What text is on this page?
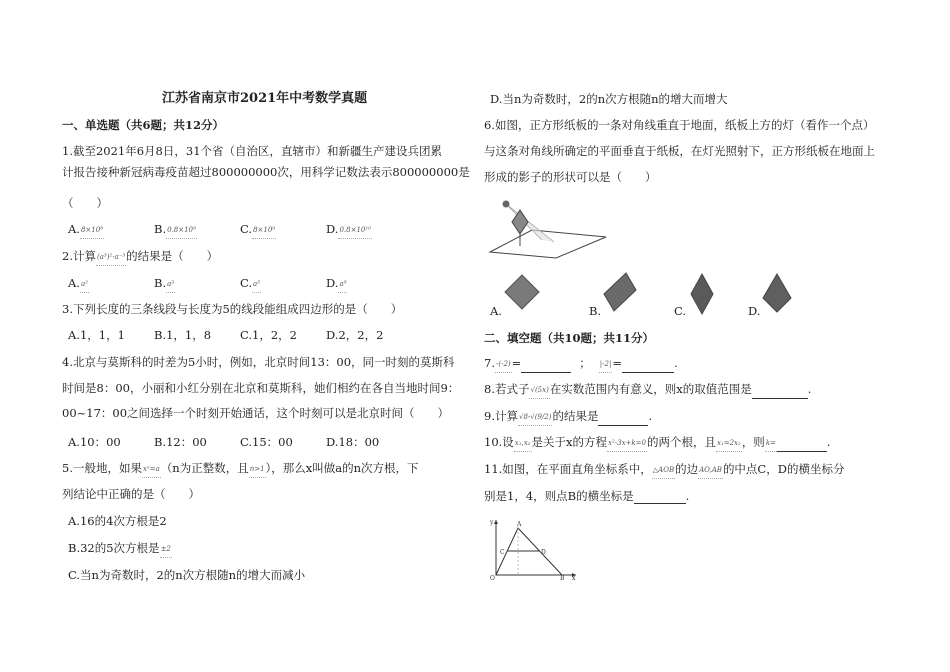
江苏省南京市2021年中考数学真题
一、单选题（共6题；共12分）
1.截至2021年6月8日，31个省（自治区，直辖市）和新疆生产建设兵团累
计报告接种新冠病毒疫苗超过800000000次，用科学记数法表示800000000是
（　　）
A.8×10⁸	B.0.8×10⁹	C.8×10⁹	D.0.8×10¹⁰
2.计算(a³)²·a⁻³的结果是（　　）
A.a²	B.a³	C.a⁵	D.a⁹
3.下列长度的三条线段与长度为5的线段能组成四边形的是（　　）
A.1，1，1	B.1，1，8	C.1，2，2	D.2，2，2
4.北京与莫斯科的时差为5小时，例如，北京时间13：00，同一时刻的莫斯科
时间是8：00，小丽和小红分别在北京和莫斯科，她们相约在各自当地时间9：
00~17：00之间选择一个时刻开始通话，这个时刻可以是北京时间（　　）
A.10：00	B.12：00	C.15：00	D.18：00
5.一般地，如果xⁿ=a（n为正整数，且n>1），那么x叫做a的n次方根，下
列结论中正确的是（　　）
A.16的4次方根是2
B.32的5次方根是±2
C.当n为奇数时，2的n次方根随n的增大而减小
D.当n为奇数时，2的n次方根随n的增大而增大
6.如图，正方形纸板的一条对角线重直于地面，纸板上方的灯（看作一个点）
与这条对角线所确定的平面垂直于纸板，在灯光照射下，正方形纸板在地面上
形成的影子的形状可以是（　　）
A.	B.	C.	D.
二、填空题（共10题；共11分）
7.-(-2)=	； |-2|=	.
8.若式子√(5x)在实数范围内有意义，则x的取值范围是	.
9.计算√8-√(9/2)的结果是	.
10.设x₁,x₂是关于x的方程x²-3x+k=0的两个根，且x₁=2x₂，则k=	.
11.如图，在平面直角坐标系中，△AOB的边AO,AB的中点C，D的横坐标分
别是1，4，则点B的横坐标是	.
y	A
C	D
O	B x
